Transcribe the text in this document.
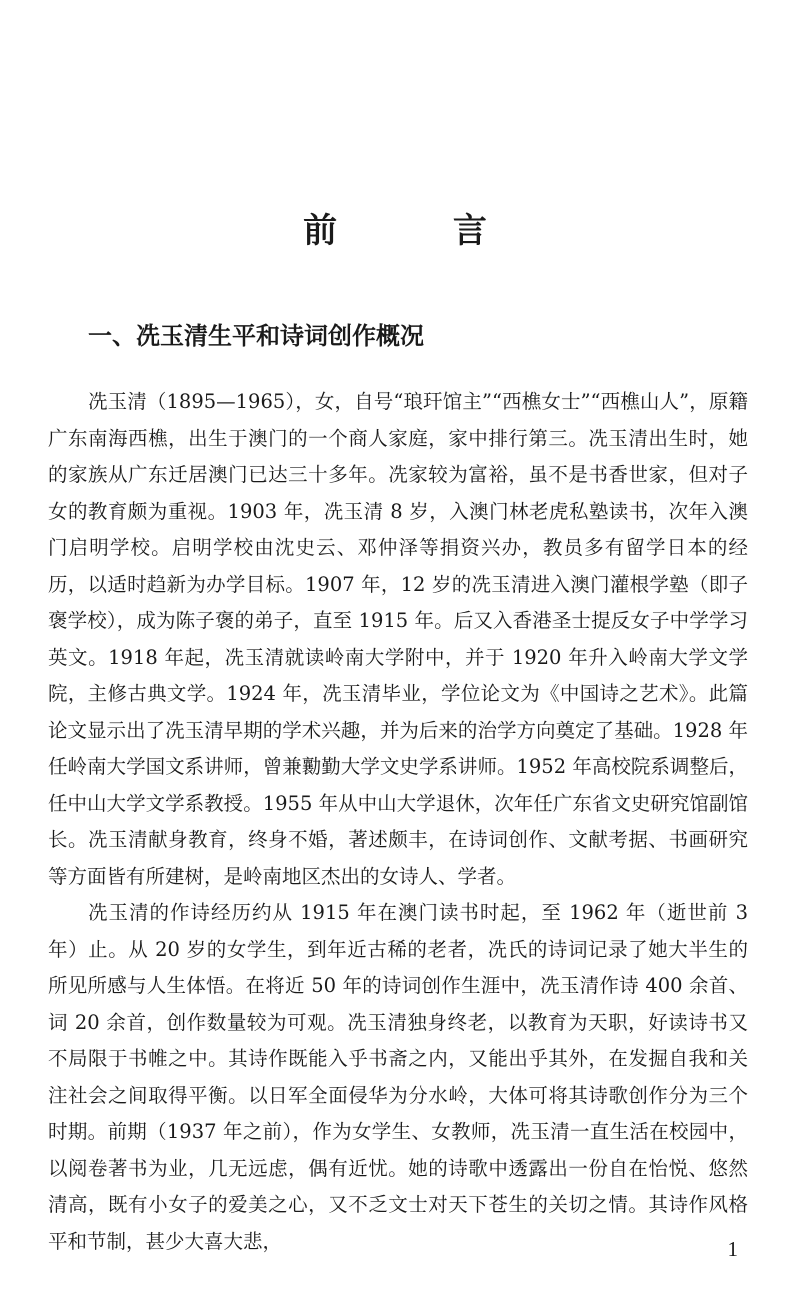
前 言
一、冼玉清生平和诗词创作概况

冼玉清（1895—1965），女，自号“琅玕馆主”“西樵女士”“西樵山人”，原籍广东南海西樵，出生于澳门的一个商人家庭，家中排行第三。冼玉清出生时，她的家族从广东迁居澳门已达三十多年。冼家较为富裕，虽不是书香世家，但对子女的教育颇为重视。1903 年，冼玉清 8 岁，入澳门林老虎私塾读书，次年入澳门启明学校。启明学校由沈史云、邓仲泽等捐资兴办，教员多有留学日本的经历，以适时趋新为办学目标。1907 年，12 岁的冼玉清进入澳门灌根学塾（即子褒学校），成为陈子褒的弟子，直至 1915 年。后又入香港圣士提反女子中学学习英文。1918 年起，冼玉清就读岭南大学附中，并于 1920 年升入岭南大学文学院，主修古典文学。1924 年，冼玉清毕业，学位论文为《中国诗之艺术》。此篇论文显示出了冼玉清早期的学术兴趣，并为后来的治学方向奠定了基础。1928 年任岭南大学国文系讲师，曾兼勷勤大学文史学系讲师。1952 年高校院系调整后，任中山大学文学系教授。1955 年从中山大学退休，次年任广东省文史研究馆副馆长。冼玉清献身教育，终身不婚，著述颇丰，在诗词创作、文献考据、书画研究等方面皆有所建树，是岭南地区杰出的女诗人、学者。

冼玉清的作诗经历约从 1915 年在澳门读书时起，至 1962 年（逝世前 3 年）止。从 20 岁的女学生，到年近古稀的老者，冼氏的诗词记录了她大半生的所见所感与人生体悟。在将近 50 年的诗词创作生涯中，冼玉清作诗 400 余首、词 20 余首，创作数量较为可观。冼玉清独身终老，以教育为天职，好读诗书又不局限于书帷之中。其诗作既能入乎书斋之内，又能出乎其外，在发掘自我和关注社会之间取得平衡。以日军全面侵华为分水岭，大体可将其诗歌创作分为三个时期。前期（1937 年之前），作为女学生、女教师，冼玉清一直生活在校园中，以阅卷著书为业，几无远虑，偶有近忧。她的诗歌中透露出一份自在怡悦、悠然清高，既有小女子的爱美之心，又不乏文士对天下苍生的关切之情。其诗作风格平和节制，甚少大喜大悲，	1
